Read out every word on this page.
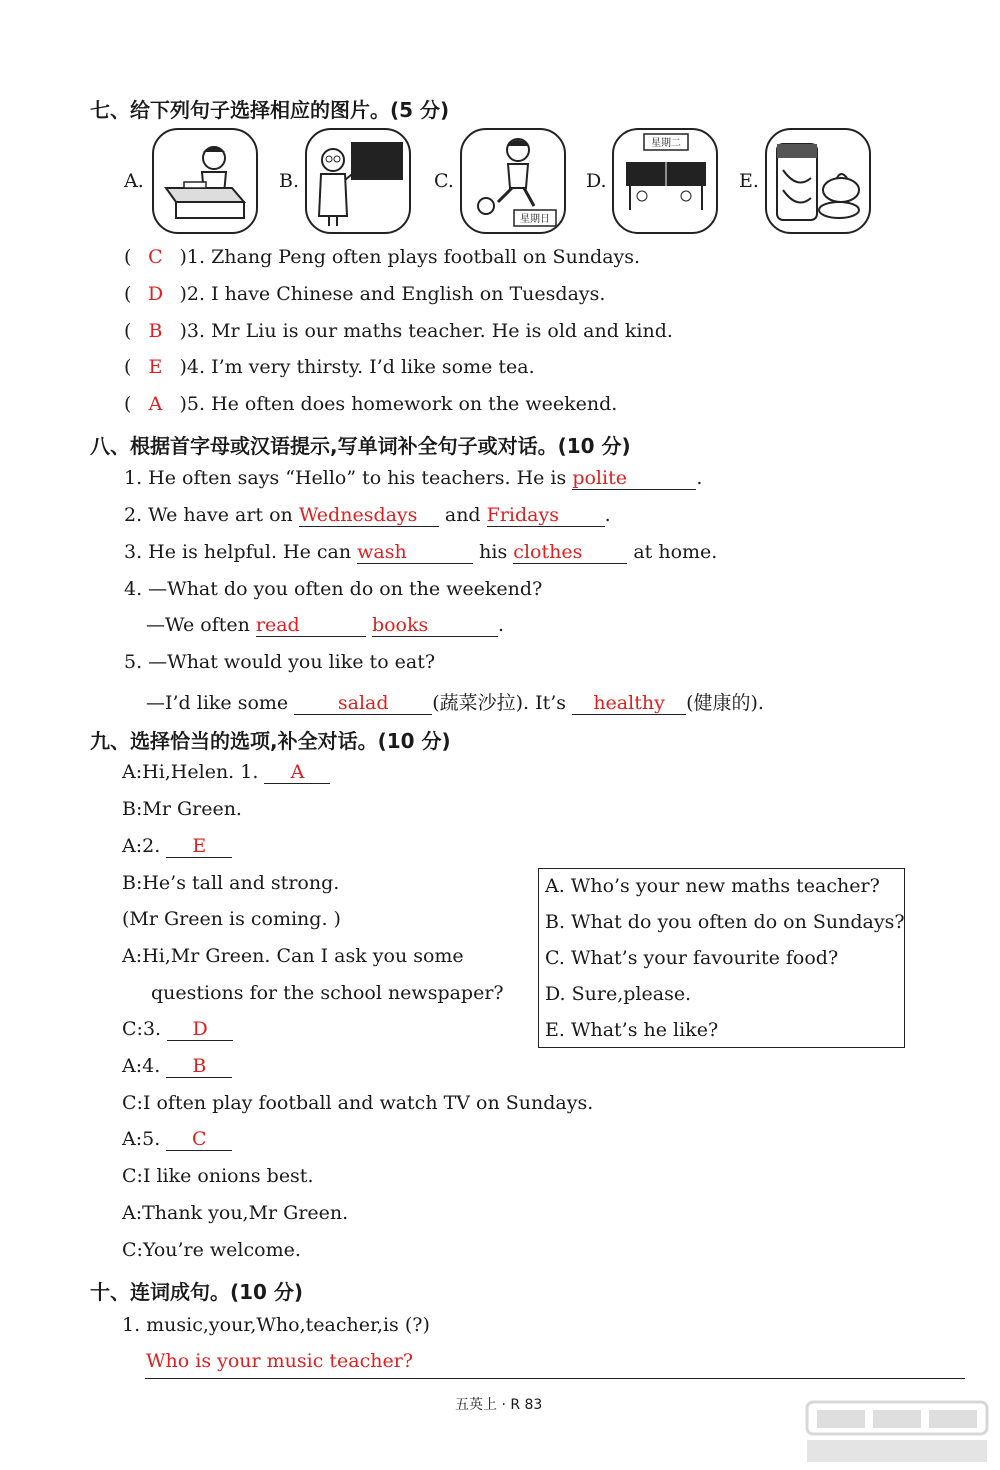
七、给下列句子选择相应的图片。(5 分)
A.	B.	C.
星期日
D.
星期二
E.
( C )1. Zhang Peng often plays football on Sundays.
( D )2. I have Chinese and English on Tuesdays.
( B )3. Mr Liu is our maths teacher. He is old and kind.
( E )4. I’m very thirsty. I’d like some tea.
( A )5. He often does homework on the weekend.
八、根据首字母或汉语提示,写单词补全句子或对话。(10 分)
1. He often says “Hello” to his teachers. He is polite	.
2. We have art on Wednesdays and Fridays .
3. He is helpful. He can wash	his clothes at home.
4. —What do you often do on the weekend?
—We often read	books	.
5. —What would you like to eat?
—I’d like some salad (蔬菜沙拉). It’s healthy (健康的).
九、选择恰当的选项,补全对话。(10 分)
A:Hi,Helen. 1. A
B:Mr Green.
A:2. E
B:He’s tall and strong.
(Mr Green is coming. )
A:Hi,Mr Green. Can I ask you some
questions for the school newspaper?
C:3. D
A:4. B
C:I often play football and watch TV on Sundays.
A:5. C
C:I like onions best.
A:Thank you,Mr Green.
C:You’re welcome.
A. Who’s your new maths teacher?
B. What do you often do on Sundays?
C. What’s your favourite food?
D. Sure,please.
E. What’s he like?
十、连词成句。(10 分)
1. music,your,Who,teacher,is (?)
Who is your music teacher?
五英上 · R 83
